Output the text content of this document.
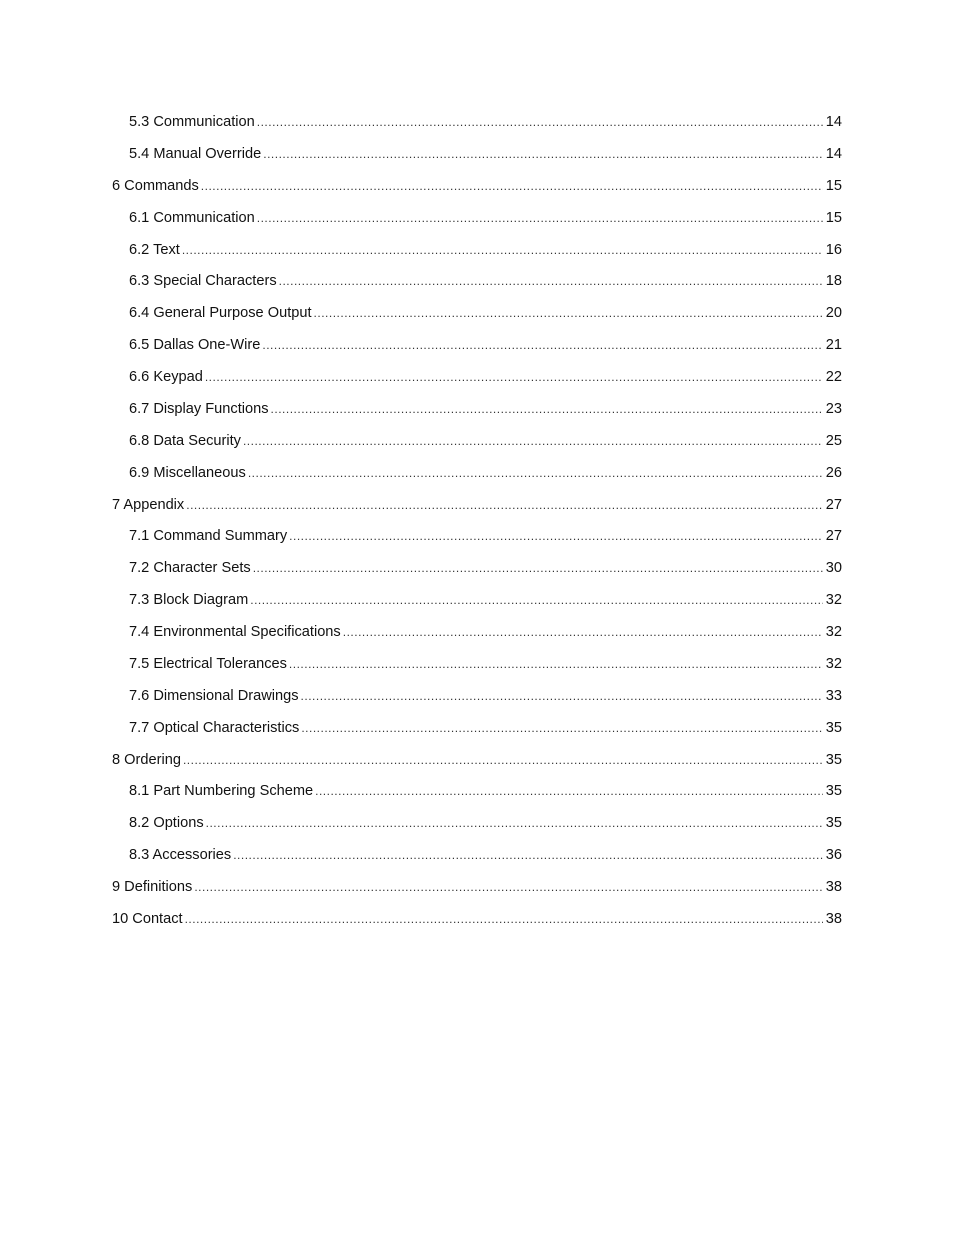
5.3 Communication .....	14
5.4 Manual Override .....	14
6 Commands .....	15
6.1 Communication .....	15
6.2 Text .....	16
6.3 Special Characters .....	18
6.4 General Purpose Output .....	20
6.5 Dallas One-Wire .....	21
6.6 Keypad .....	22
6.7 Display Functions .....	23
6.8 Data Security .....	25
6.9 Miscellaneous .....	26
7 Appendix .....	27
7.1 Command Summary .....	27
7.2 Character Sets .....	30
7.3 Block Diagram .....	32
7.4 Environmental Specifications .....	32
7.5 Electrical Tolerances .....	32
7.6 Dimensional Drawings .....	33
7.7 Optical Characteristics .....	35
8 Ordering .....	35
8.1 Part Numbering Scheme .....	35
8.2 Options .....	35
8.3 Accessories .....	36
9 Definitions .....	38
10 Contact .....	38
